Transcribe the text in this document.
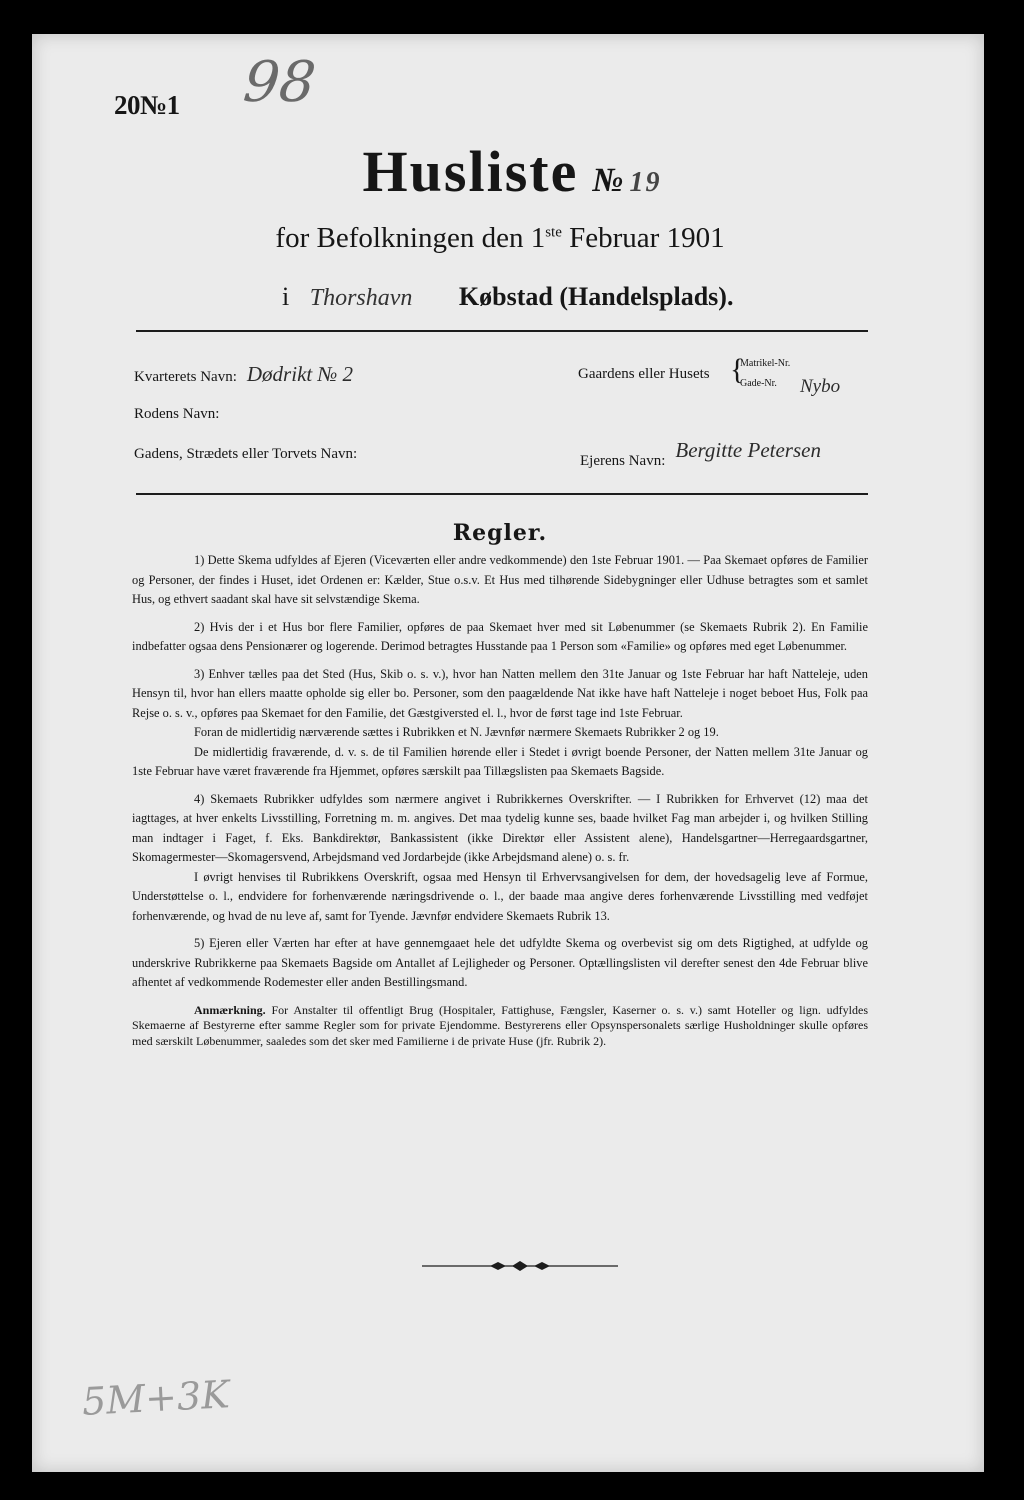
20№1 98
Husliste № 19
for Befolkningen den 1ste Februar 1901
i Thorshavn Købstad (Handelsplads).
Kvarterets Navn: Dødrikt № 2	Gaardens eller Husets {
Matrikel-Nr.
Gade-Nr. Nybo
Rodens Navn:
Gadens, Strædets eller Torvets Navn:	Ejerens Navn: Bergitte Petersen
Regler.

1) Dette Skema udfyldes af Ejeren (Viceværten eller andre vedkommende) den 1ste Februar 1901. — Paa Skemaet opføres de Familier og Personer, der findes i Huset, idet Ordenen er: Kælder, Stue o.s.v. Et Hus med tilhørende Sidebygninger eller Udhuse betragtes som et samlet Hus, og ethvert saadant skal have sit selvstændige Skema.

2) Hvis der i et Hus bor flere Familier, opføres de paa Skemaet hver med sit Løbenummer (se Skemaets Rubrik 2). En Familie indbefatter ogsaa dens Pensionærer og logerende. Derimod betragtes Husstande paa 1 Person som «Familie» og opføres med eget Løbenummer.

3) Enhver tælles paa det Sted (Hus, Skib o. s. v.), hvor han Natten mellem den 31te Januar og 1ste Februar har haft Natteleje, uden Hensyn til, hvor han ellers maatte opholde sig eller bo. Personer, som den paagældende Nat ikke have haft Natteleje i noget beboet Hus, Folk paa Rejse o. s. v., opføres paa Skemaet for den Familie, det Gæstgiversted el. l., hvor de først tage ind 1ste Februar.

Foran de midlertidig nærværende sættes i Rubrikken et N. Jævnfør nærmere Skemaets Rubrikker 2 og 19.

De midlertidig fraværende, d. v. s. de til Familien hørende eller i Stedet i øvrigt boende Personer, der Natten mellem 31te Januar og 1ste Februar have været fraværende fra Hjemmet, opføres særskilt paa Tillægslisten paa Skemaets Bagside.

4) Skemaets Rubrikker udfyldes som nærmere angivet i Rubrikkernes Overskrifter. — I Rubrikken for Erhvervet (12) maa det iagttages, at hver enkelts Livsstilling, Forretning m. m. angives. Det maa tydelig kunne ses, baade hvilket Fag man arbejder i, og hvilken Stilling man indtager i Faget, f. Eks. Bankdirektør, Bankassistent (ikke Direktør eller Assistent alene), Handelsgartner—Herregaardsgartner, Skomagermester—Skomagersvend, Arbejdsmand ved Jordarbejde (ikke Arbejdsmand alene) o. s. fr.

I øvrigt henvises til Rubrikkens Overskrift, ogsaa med Hensyn til Erhvervsangivelsen for dem, der hovedsagelig leve af Formue, Understøttelse o. l., endvidere for forhenværende næringsdrivende o. l., der baade maa angive deres forhenværende Livsstilling med vedføjet forhenværende, og hvad de nu leve af, samt for Tyende. Jævnfør endvidere Skemaets Rubrik 13.

5) Ejeren eller Værten har efter at have gennemgaaet hele det udfyldte Skema og overbevist sig om dets Rigtighed, at udfylde og underskrive Rubrikkerne paa Skemaets Bagside om Antallet af Lejligheder og Personer. Optællingslisten vil derefter senest den 4de Februar blive afhentet af vedkommende Rodemester eller anden Bestillingsmand.

Anmærkning. For Anstalter til offentligt Brug (Hospitaler, Fattighuse, Fængsler, Kaserner o. s. v.) samt Hoteller og lign. udfyldes Skemaerne af Bestyrerne efter samme Regler som for private Ejendomme. Bestyrerens eller Opsynspersonalets særlige Husholdninger skulle opføres med særskilt Løbenummer, saaledes som det sker med Familierne i de private Huse (jfr. Rubrik 2).

5M+3K
